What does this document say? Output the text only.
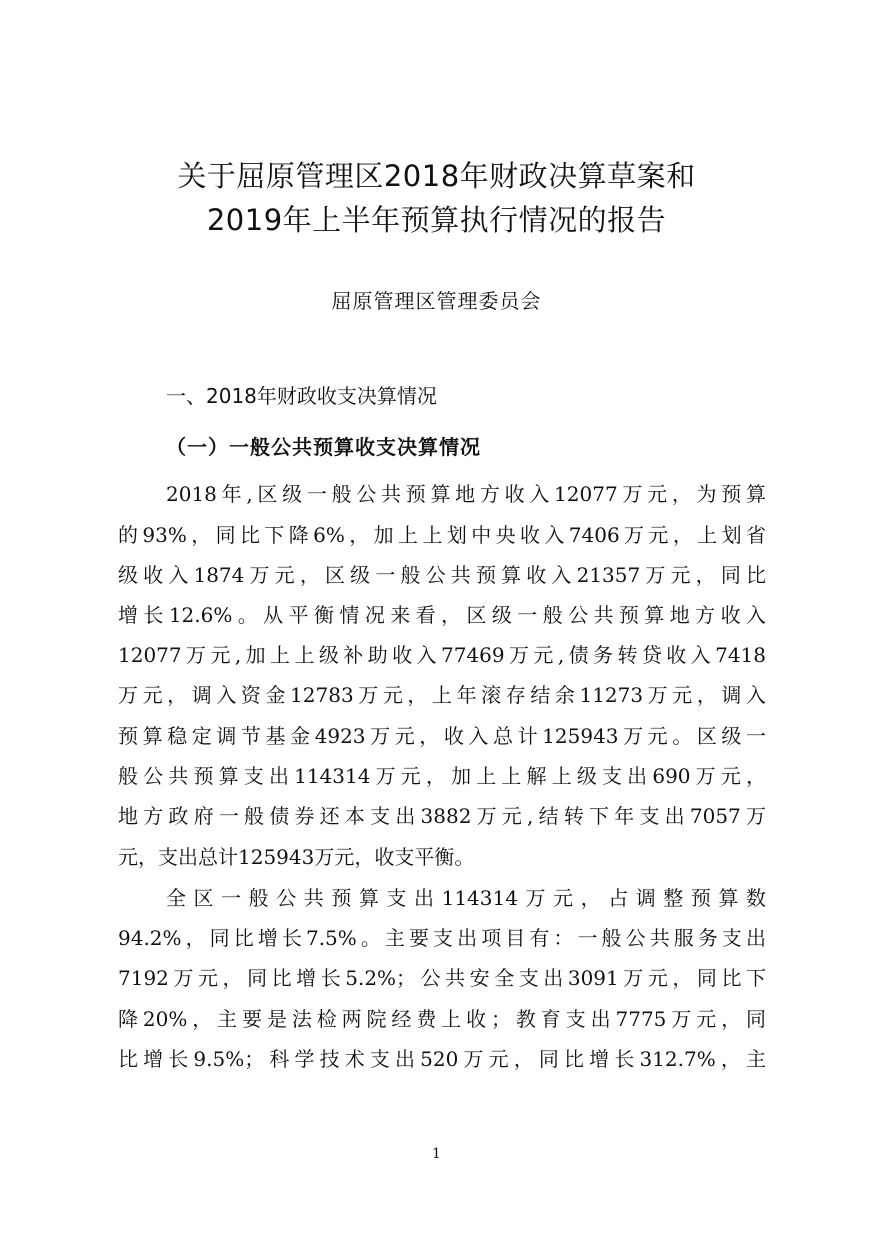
关于屈原管理区2018年财政决算草案和
2019年上半年预算执行情况的报告
屈原管理区管理委员会
一、2018年财政收支决算情况
（一）一般公共预算收支决算情况
2018年,区级一般公共预算地方收入12077万元，为预算
的93%，同比下降6%，加上上划中央收入7406万元，上划省
级收入1874万元，区级一般公共预算收入21357万元，同比
增长12.6%。从平衡情况来看，区级一般公共预算地方收入
12077万元,加上上级补助收入77469万元,债务转贷收入7418
万元，调入资金12783万元，上年滚存结余11273万元，调入
预算稳定调节基金4923万元，收入总计125943万元。区级一
般公共预算支出114314万元，加上上解上级支出690万元，
地方政府一般债券还本支出3882万元,结转下年支出7057万
元，支出总计125943万元，收支平衡。
全区一般公共预算支出114314万元，占调整预算数
94.2%，同比增长7.5%。主要支出项目有：一般公共服务支出
7192万元，同比增长5.2%；公共安全支出3091万元，同比下
降20%，主要是法检两院经费上收；教育支出7775万元，同
比增长9.5%；科学技术支出520万元，同比增长312.7%，主
1
